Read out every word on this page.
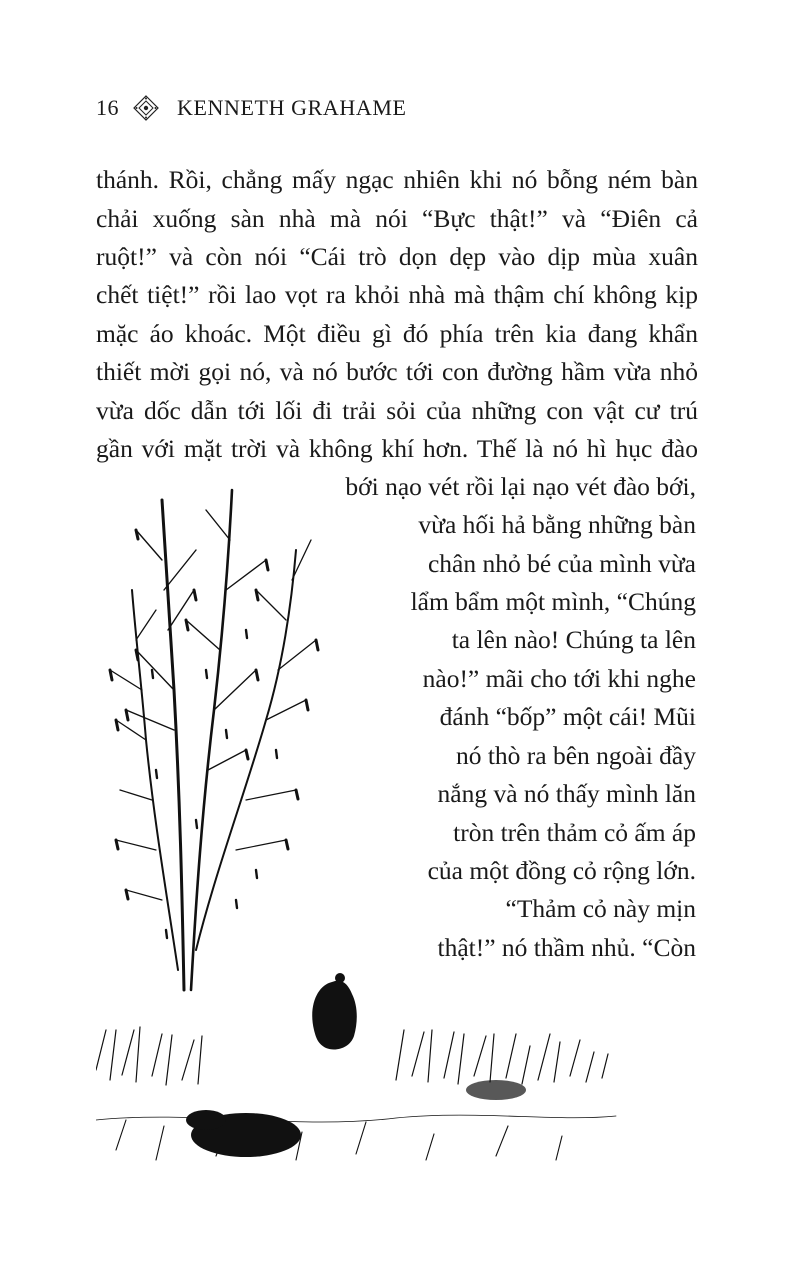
16	KENNETH GRAHAME
thánh. Rồi, chẳng mấy ngạc nhiên khi nó bỗng ném bàn
chải xuống sàn nhà mà nói “Bực thật!” và “Điên cả
ruột!” và còn nói “Cái trò dọn dẹp vào dịp mùa xuân
chết tiệt!” rồi lao vọt ra khỏi nhà mà thậm chí không kịp
mặc áo khoác. Một điều gì đó phía trên kia đang khẩn
thiết mời gọi nó, và nó bước tới con đường hầm vừa nhỏ
vừa dốc dẫn tới lối đi trải sỏi của những con vật cư trú
gần với mặt trời và không khí hơn. Thế là nó hì hục đào
bới nạo vét rồi lại nạo vét đào bới,
vừa hối hả bằng những bàn
chân nhỏ bé của mình vừa
lẩm bẩm một mình, “Chúng
ta lên nào! Chúng ta lên
nào!” mãi cho tới khi nghe
đánh “bốp” một cái! Mũi
nó thò ra bên ngoài đầy
nắng và nó thấy mình lăn
tròn trên thảm cỏ ấm áp
của một đồng cỏ rộng lớn.
“Thảm cỏ này mịn
thật!” nó thầm nhủ. “Còn
